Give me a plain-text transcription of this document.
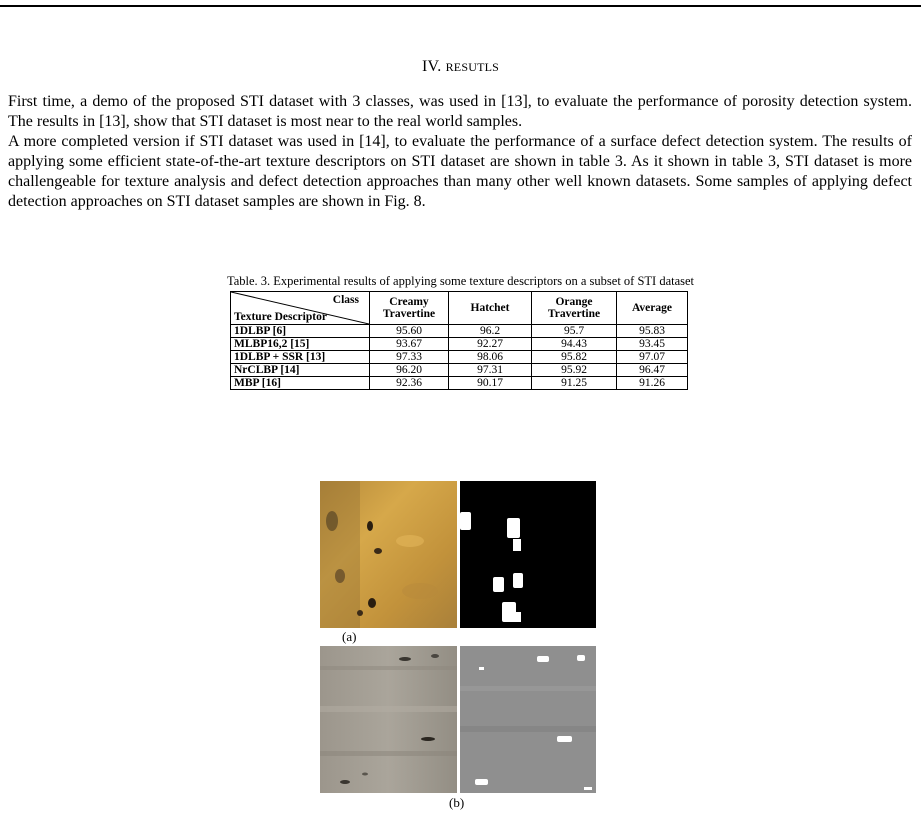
IV. RESUTLS

First time, a demo of the proposed STI dataset with 3 classes, was used in [13], to evaluate the performance of porosity detection system. The results in [13], show that STI dataset is most near to the real world samples.

A more completed version if STI dataset was used in [14], to evaluate the performance of a surface defect detection system. The results of applying some efficient state-of-the-art texture descriptors on STI dataset are shown in table 3. As it shown in table 3, STI dataset is more challengeable for texture analysis and defect detection approaches than many other well known datasets. Some samples of applying defect detection approaches on STI dataset samples are shown in Fig. 8.

Table. 3. Experimental results of applying some texture descriptors on a subset of STI dataset
Class
Texture Descriptor	Creamy Travertine	Hatchet	Orange Travertine	Average
1DLBP [6]	95.60	96.2	95.7	95.83
MLBP16,2 [15]	93.67	92.27	94.43	93.45
1DLBP + SSR [13]	97.33	98.06	95.82	97.07
NrCLBP [14]	96.20	97.31	95.92	96.47
MBP [16]	92.36	90.17	91.25	91.26
(a)
(b)
